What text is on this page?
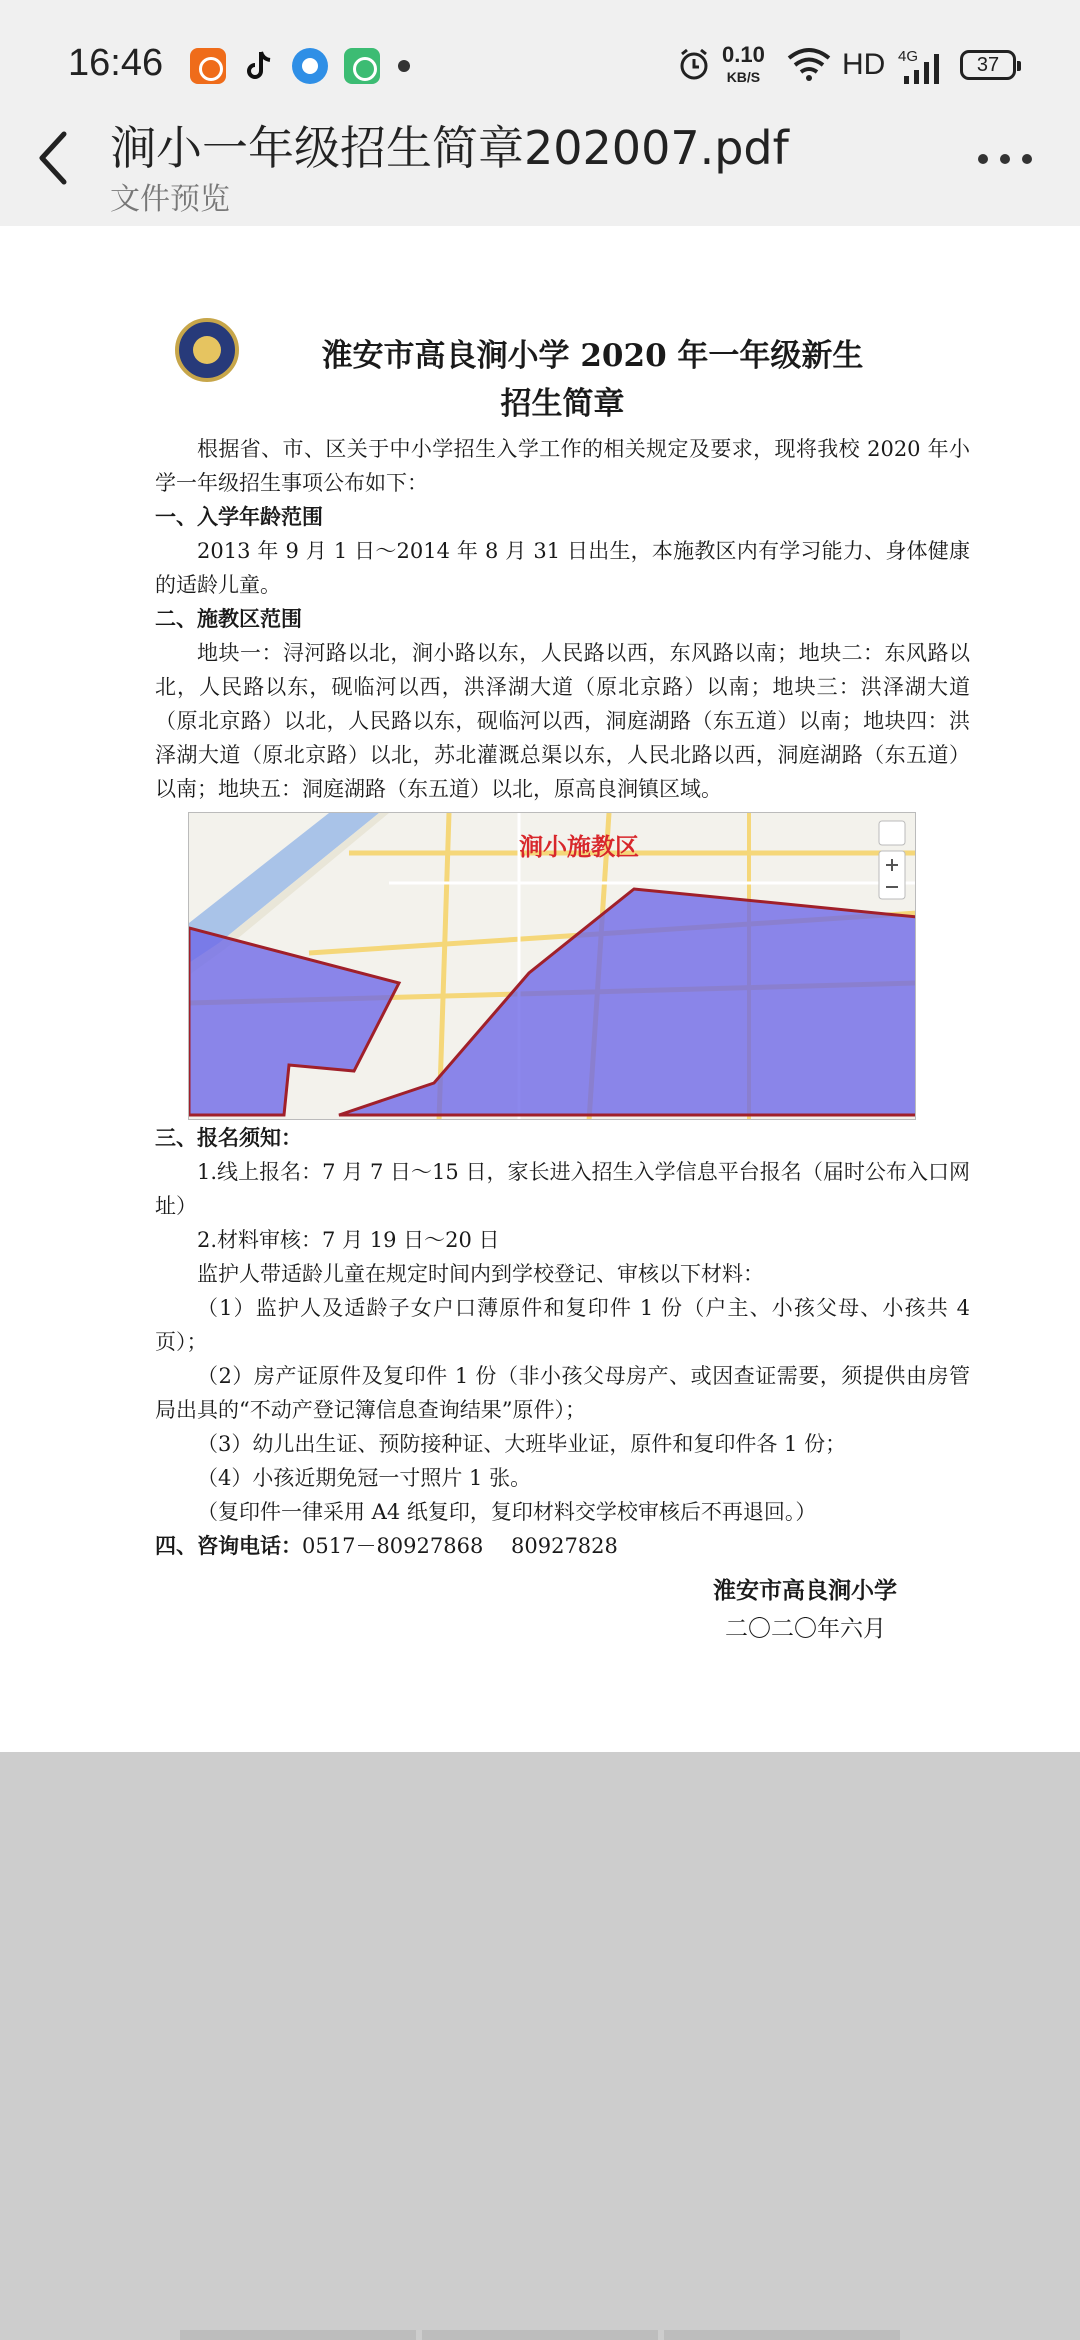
16:46	0.10
KB/S	HD 4G	37
涧小一年级招生简章202007.pdf
文件预览
淮安市高良涧小学 2020 年一年级新生
招生简章
根据省、市、区关于中小学招生入学工作的相关规定及要求，现将我校 2020 年小学一年级招生事项公布如下：
一、入学年龄范围
2013 年 9 月 1 日～2014 年 8 月 31 日出生，本施教区内有学习能力、身体健康的适龄儿童。
二、施教区范围
地块一：浔河路以北，涧小路以东，人民路以西，东风路以南；地块二：东风路以北，人民路以东，砚临河以西，洪泽湖大道（原北京路）以南；地块三：洪泽湖大道（原北京路）以北，人民路以东，砚临河以西，洞庭湖路（东五道）以南；地块四：洪泽湖大道（原北京路）以北，苏北灌溉总渠以东，人民北路以西，洞庭湖路（东五道）以南；地块五：洞庭湖路（东五道）以北，原高良涧镇区域。
涧小施教区
三、报名须知：
1.线上报名：7 月 7 日～15 日，家长进入招生入学信息平台报名（届时公布入口网址）
2.材料审核：7 月 19 日～20 日
监护人带适龄儿童在规定时间内到学校登记、审核以下材料：
（1）监护人及适龄子女户口薄原件和复印件 1 份（户主、小孩父母、小孩共 4 页）；
（2）房产证原件及复印件 1 份（非小孩父母房产、或因查证需要，须提供由房管局出具的“不动产登记簿信息查询结果”原件）；
（3）幼儿出生证、预防接种证、大班毕业证，原件和复印件各 1 份；
（4）小孩近期免冠一寸照片 1 张。
（复印件一律采用 A4 纸复印，复印材料交学校审核后不再退回。）
四、咨询电话：0517－80927868　 80927828
淮安市高良涧小学
二〇二〇年六月
